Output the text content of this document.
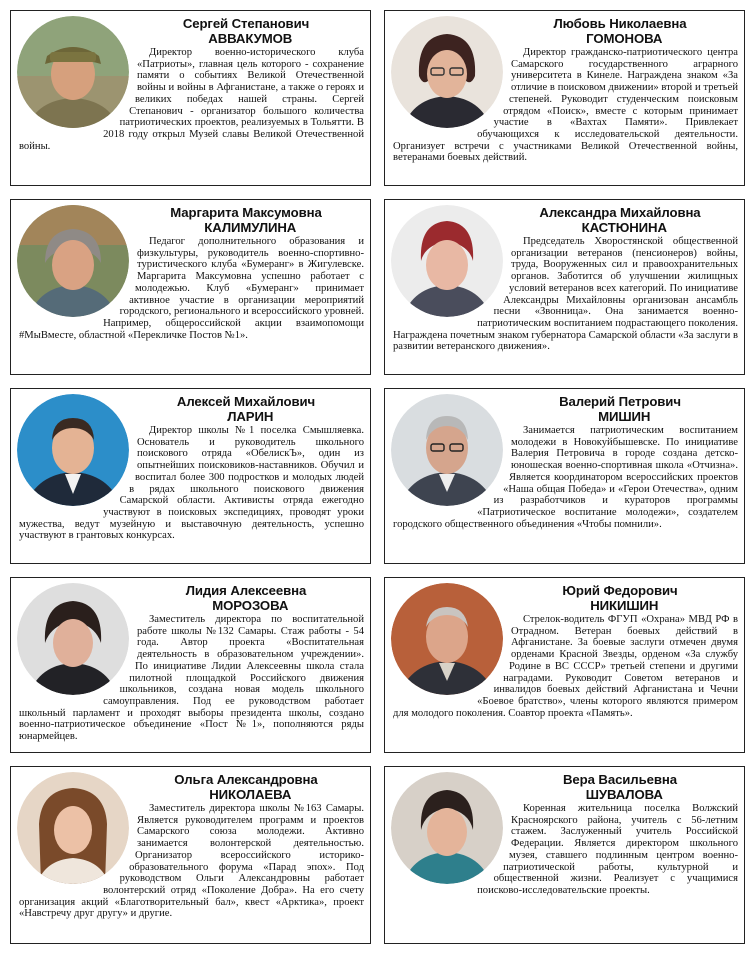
Сергей Степанович
АВВАКУМОВ
Директор военно-исторического клуба «Патриоты», главная цель которого - сохранение памяти о событиях Великой Отечественной войны и войны в Афганистане, а также о героях и великих победах нашей страны. Сергей Степанович - организатор большого количества патриотических проектов, реализуемых в Тольятти. В 2018 году открыл Музей славы Великой Отечественной войны.
Любовь Николаевна
ГОМОНОВА
Директор гражданско-патриотического центра Самарского государственного аграрного университета в Кинеле. Награждена знаком «За отличие в поисковом движении» второй и третьей степеней. Руководит студенческим поисковым отрядом «Поиск», вместе с которым принимает участие в «Вахтах Памяти». Привлекает обучающихся к исследовательской деятельности. Организует встречи с участниками Великой Отечественной войны, ветеранами боевых действий.
Маргарита Максумовна
КАЛИМУЛИНА
Педагог дополнительного образования и физкультуры, руководитель военно-спортивно-туристического клуба «Бумеранг» в Жигулевске. Маргарита Максумовна успешно работает с молодежью. Клуб «Бумеранг» принимает активное участие в организации мероприятий городского, регионального и всероссийского уровней. Например, общероссийской акции взаимопомощи #МыВместе, областной «Перекличке Постов №1».
Александра Михайловна
КАСТЮНИНА
Председатель Хворостянской общественной организации ветеранов (пенсионеров) войны, труда, Вооруженных сил и правоохранительных органов. Заботится об улучшении жилищных условий ветеранов всех категорий. По инициативе Александры Михайловны организован ансамбль песни «Звонница». Она занимается военно-патриотическим воспитанием подрастающего поколения. Награждена почетным знаком губернатора Самарской области «За заслуги в развитии ветеранского движения».
Алексей Михайлович
ЛАРИН
Директор школы №1 поселка Смышляевка. Основатель и руководитель школьного поискового отряда «ОбелискЪ», один из опытнейших поисковиков-наставников. Обучил и воспитал более 300 подростков и молодых людей в рядах школьного поискового движения Самарской области. Активисты отряда ежегодно участвуют в поисковых экспедициях, проводят уроки мужества, ведут музейную и выставочную деятельность, успешно участвуют в грантовых конкурсах.
Валерий Петрович
МИШИН
Занимается патриотическим воспитанием молодежи в Новокуйбышевске. По инициативе Валерия Петровича в городе создана детско-юношеская военно-спортивная школа «Отчизна». Является координатором всероссийских проектов «Наша общая Победа» и «Герои Отечества», одним из разработчиков и кураторов программы «Патриотическое воспитание молодежи», создателем городского общественного объединения «Чтобы помнили».
Лидия Алексеевна
МОРОЗОВА
Заместитель директора по воспитательной работе школы №132 Самары. Стаж работы - 54 года. Автор проекта «Воспитательная деятельность в образовательном учреждении». По инициативе Лидии Алексеевны школа стала пилотной площадкой Российского движения школьников, создана новая модель школьного самоуправления. Под ее руководством работает школьный парламент и проходят выборы президента школы, создано военно-патриотическое объединение «Пост №1», пополняются ряды юнармейцев.
Юрий Федорович
НИКИШИН
Стрелок-водитель ФГУП «Охрана» МВД РФ в Отрадном. Ветеран боевых действий в Афганистане. За боевые заслуги отмечен двумя орденами Красной Звезды, орденом «За службу Родине в ВС СССР» третьей степени и другими наградами. Руководит Советом ветеранов и инвалидов боевых действий Афганистана и Чечни «Боевое братство», члены которого являются примером для молодого поколения. Соавтор проекта «Память».
Ольга Александровна
НИКОЛАЕВА
Заместитель директора школы №163 Самары. Является руководителем программ и проектов Самарского союза молодежи. Активно занимается волонтерской деятельностью. Организатор всероссийского историко-образовательного форума «Парад эпох». Под руководством Ольги Александровны работает волонтерский отряд «Поколение Добра». На его счету организация акций «Благотворительный бал», квест «Арктика», проект «Навстречу друг другу» и другие.
Вера Васильевна
ШУВАЛОВА
Коренная жительница поселка Волжский Красноярского района, учитель с 56-летним стажем. Заслуженный учитель Российской Федерации. Является директором школьного музея, ставшего подлинным центром военно-патриотической работы, культурной и общественной жизни. Реализует с учащимися поисково-исследовательские проекты.
